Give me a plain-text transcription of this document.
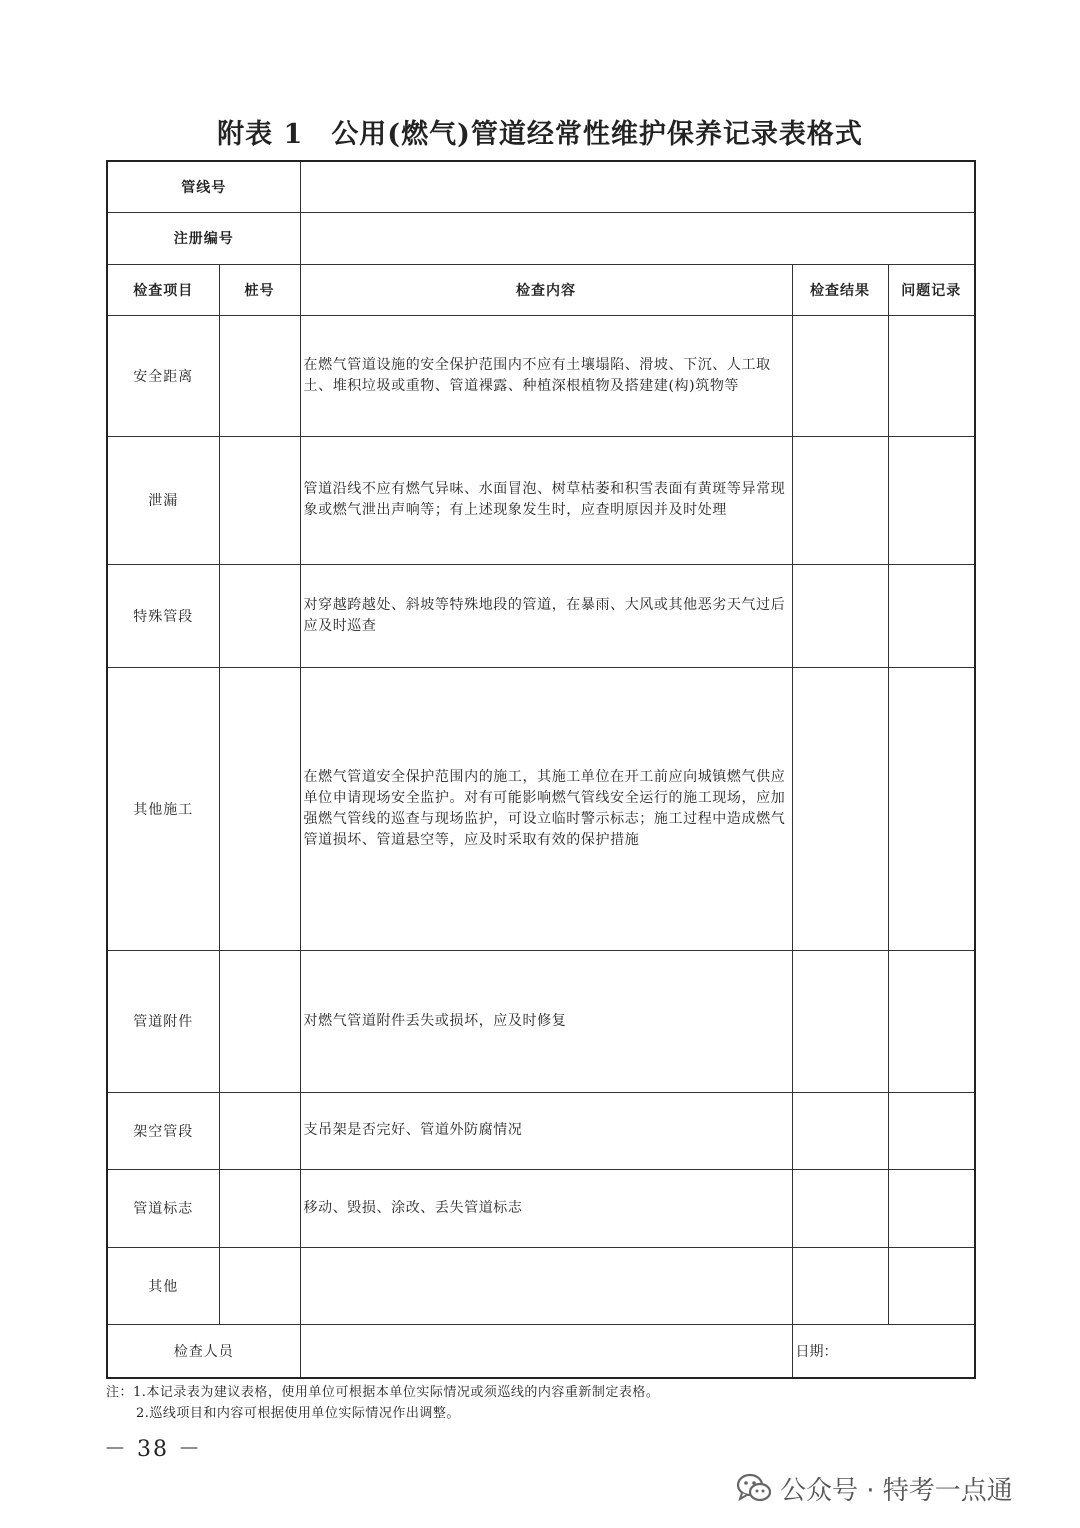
附表 1 公用(燃气)管道经常性维护保养记录表格式
管线号				
注册编号				
检查项目	桩号	检查内容	检查结果	问题记录
安全距离		在燃气管道设施的安全保护范围内不应有土壤塌陷、滑坡、下沉、人工取土、堆积垃圾或重物、管道裸露、种植深根植物及搭建建(构)筑物等		
泄漏		管道沿线不应有燃气异味、水面冒泡、树草枯萎和积雪表面有黄斑等异常现象或燃气泄出声响等；有上述现象发生时，应查明原因并及时处理		
特殊管段		对穿越跨越处、斜坡等特殊地段的管道，在暴雨、大风或其他恶劣天气过后应及时巡查		
其他施工		在燃气管道安全保护范围内的施工，其施工单位在开工前应向城镇燃气供应单位申请现场安全监护。对有可能影响燃气管线安全运行的施工现场，应加强燃气管线的巡查与现场监护，可设立临时警示标志；施工过程中造成燃气管道损坏、管道悬空等，应及时采取有效的保护措施		
管道附件		对燃气管道附件丢失或损坏，应及时修复		
架空管段		支吊架是否完好、管道外防腐情况		
管道标志		移动、毁损、涂改、丢失管道标志		
其他				
检查人员			日期：	
注：1.本记录表为建议表格，使用单位可根据本单位实际情况或须巡线的内容重新制定表格。
2.巡线项目和内容可根据使用单位实际情况作出调整。
－ 38 －
公众号 · 特考一点通
